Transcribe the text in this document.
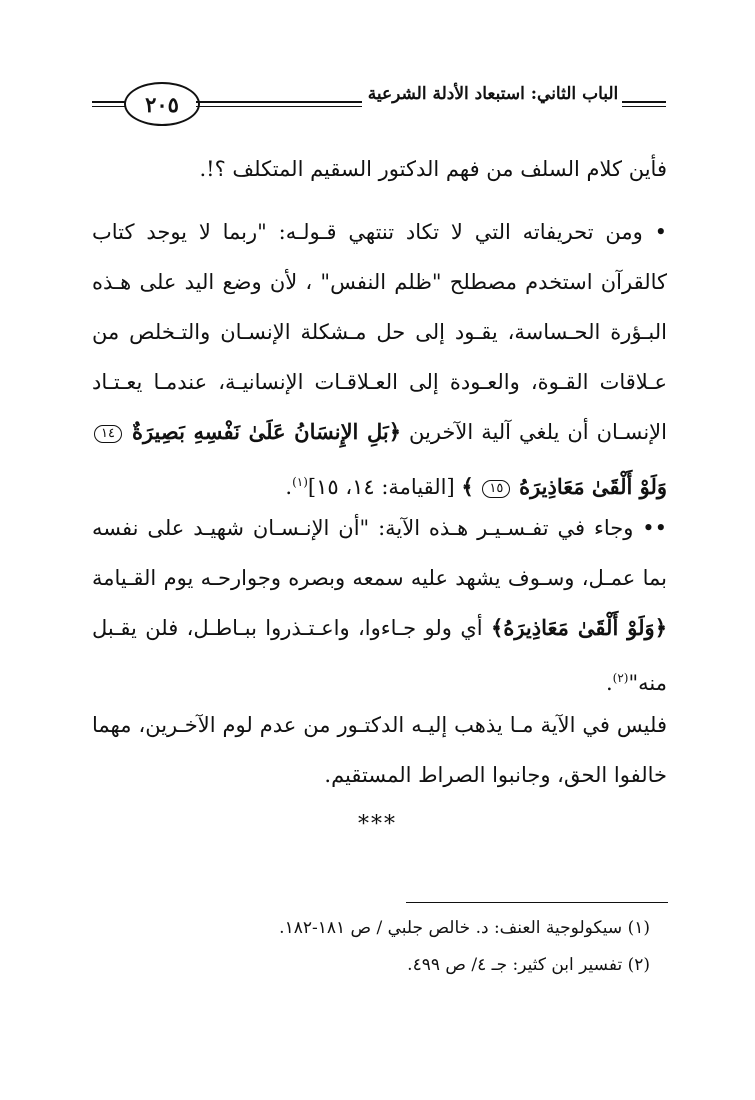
٢٠٥	الباب الثاني: استبعاد الأدلة الشرعية
فأين كلام السلف من فهم الدكتور السقيم المتكلف ؟!.
• ومن تحريفاته التي لا تكاد تنتهي قـولـه: "ربما لا يوجد كتاب كالقرآن استخدم مصطلح "ظلم النفس" ، لأن وضع اليد على هـذه البـؤرة الحـساسة، يقـود إلى حل مـشكلة الإنسـان والتـخلص من عـلاقات القـوة، والعـودة إلى العـلاقـات الإنسانيـة، عندمـا يعـتـاد الإنسـان أن يلغي آلية الآخرين ﴿بَلِ الإِنسَانُ عَلَىٰ نَفْسِهِ بَصِيرَةٌ ١٤ وَلَوْ أَلْقَىٰ مَعَاذِيرَهُ ١٥ ﴾ [القيامة: ١٤، ١٥]$^{(١)}$.
•• وجاء في تفـسـيـر هـذه الآية: "أن الإنـسـان شهيـد على نفسه بما عمـل، وسـوف يشهد عليه سمعه وبصره وجوارحـه يوم القـيامة ﴿وَلَوْ أَلْقَىٰ مَعَاذِيرَهُ﴾ أي ولو جـاءوا، واعـتـذروا ببـاطـل، فلن يقـبل منه"$^{(٢)}$.
فليس في الآية مـا يذهب إليـه الدكتـور من عدم لوم الآخـرين، مهما خالفوا الحق، وجانبوا الصراط المستقيم.
***
(١) سيكولوجية العنف: د. خالص جلبي / ص ١٨١-١٨٢.
(٢) تفسير ابن كثير: جـ ٤/ ص ٤٩٩.
